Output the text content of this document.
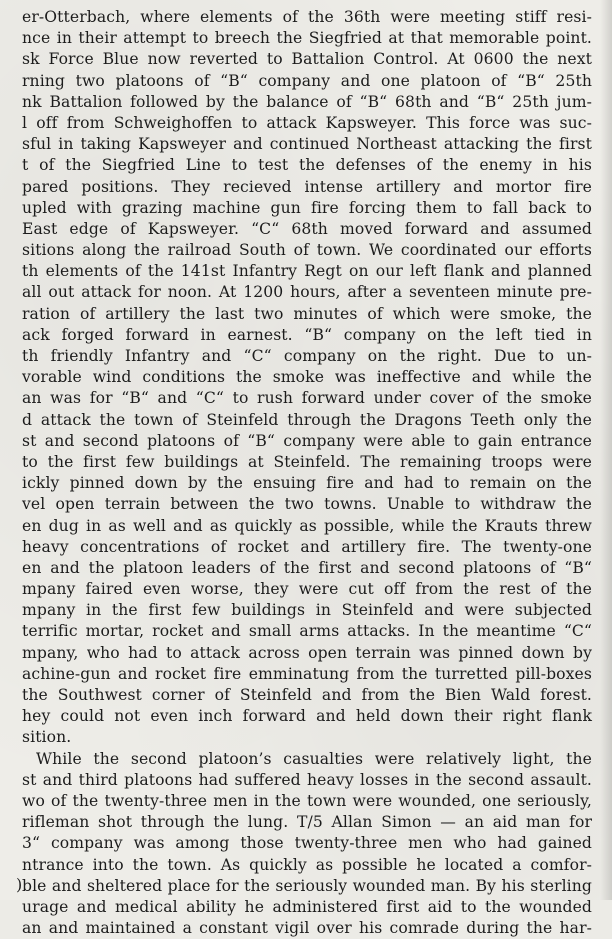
er-Otterbach, where elements of the 36th were meeting stiff resi-
nce in their attempt to breech the Siegfried at that memorable point.
sk Force Blue now reverted to Battalion Control. At 0600 the next
rning two platoons of “B“ company and one platoon of “B“ 25th
nk Battalion followed by the balance of “B“ 68th and “B“ 25th jum-
l off from Schweighoffen to attack Kapsweyer. This force was suc-
sful in taking Kapsweyer and continued Northeast attacking the first
t of the Siegfried Line to test the defenses of the enemy in his
pared positions. They recieved intense artillery and mortor fire
upled with grazing machine gun fire forcing them to fall back to
East edge of Kapsweyer. “C“ 68th moved forward and assumed
sitions along the railroad South of town. We coordinated our efforts
th elements of the 141st Infantry Regt on our left flank and planned
all out attack for noon. At 1200 hours, after a seventeen minute pre-
ration of artillery the last two minutes of which were smoke, the
ack forged forward in earnest. “B“ company on the left tied in
th friendly Infantry and “C“ company on the right. Due to un-
vorable wind conditions the smoke was ineffective and while the
an was for “B“ and “C“ to rush forward under cover of the smoke
d attack the town of Steinfeld through the Dragons Teeth only the
st and second platoons of “B“ company were able to gain entrance
to the first few buildings at Steinfeld. The remaining troops were
ickly pinned down by the ensuing fire and had to remain on the
vel open terrain between the two towns. Unable to withdraw the
en dug in as well and as quickly as possible, while the Krauts threw
heavy concentrations of rocket and artillery fire. The twenty-one
en and the platoon leaders of the first and second platoons of “B“
mpany faired even worse, they were cut off from the rest of the
mpany in the first few buildings in Steinfeld and were subjected
terrific mortar, rocket and small arms attacks. In the meantime “C“
mpany, who had to attack across open terrain was pinned down by
achine-gun and rocket fire emminatung from the turretted pill-boxes
the Southwest corner of Steinfeld and from the Bien Wald forest.
hey could not even inch forward and held down their right flank
sition.
While the second platoon’s casualties were relatively light, the
st and third platoons had suffered heavy losses in the second assault.
wo of the twenty-three men in the town were wounded, one seriously,
rifleman shot through the lung. T/5 Allan Simon — an aid man for
3“ company was among those twenty-three men who had gained
ntrance into the town. As quickly as possible he located a comfor-
ble and sheltered place for the seriously wounded man. By his sterling
urage and medical ability he administered first aid to the wounded
an and maintained a constant vigil over his comrade during the har-
)
